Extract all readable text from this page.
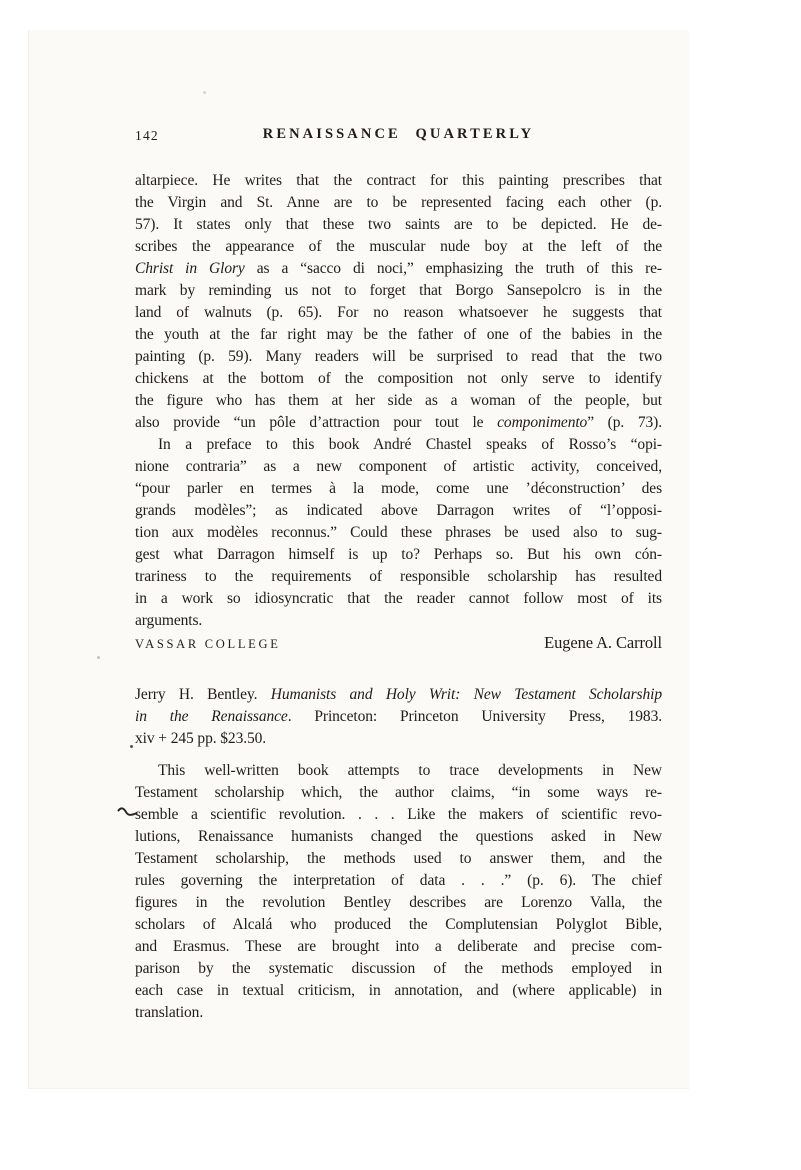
142	RENAISSANCE QUARTERLY
altarpiece. He writes that the contract for this painting prescribes that
the Virgin and St. Anne are to be represented facing each other (p.
57). It states only that these two saints are to be depicted. He de-
scribes the appearance of the muscular nude boy at the left of the
Christ in Glory as a “sacco di noci,” emphasizing the truth of this re-
mark by reminding us not to forget that Borgo Sansepolcro is in the
land of walnuts (p. 65). For no reason whatsoever he suggests that
the youth at the far right may be the father of one of the babies in the
painting (p. 59). Many readers will be surprised to read that the two
chickens at the bottom of the composition not only serve to identify
the figure who has them at her side as a woman of the people, but
also provide “un pôle d’attraction pour tout le componimento” (p. 73).
In a preface to this book André Chastel speaks of Rosso’s “opi-
nione contraria” as a new component of artistic activity, conceived,
“pour parler en termes à la mode, come une ’déconstruction’ des
grands modèles”; as indicated above Darragon writes of “l’opposi-
tion aux modèles reconnus.” Could these phrases be used also to sug-
gest what Darragon himself is up to? Perhaps so. But his own cón-
trariness to the requirements of responsible scholarship has resulted
in a work so idiosyncratic that the reader cannot follow most of its
arguments.
VASSAR COLLEGE	Eugene A. Carroll
Jerry H. Bentley. Humanists and Holy Writ: New Testament Scholarship
in the Renaissance. Princeton: Princeton University Press, 1983.
xiv + 245 pp. $23.50.
This well-written book attempts to trace developments in New
Testament scholarship which, the author claims, “in some ways re-
semble a scientific revolution. . . . Like the makers of scientific revo-
lutions, Renaissance humanists changed the questions asked in New
Testament scholarship, the methods used to answer them, and the
rules governing the interpretation of data . . .” (p. 6). The chief
figures in the revolution Bentley describes are Lorenzo Valla, the
scholars of Alcalá who produced the Complutensian Polyglot Bible,
and Erasmus. These are brought into a deliberate and precise com-
parison by the systematic discussion of the methods employed in
each case in textual criticism, in annotation, and (where applicable) in
translation.
